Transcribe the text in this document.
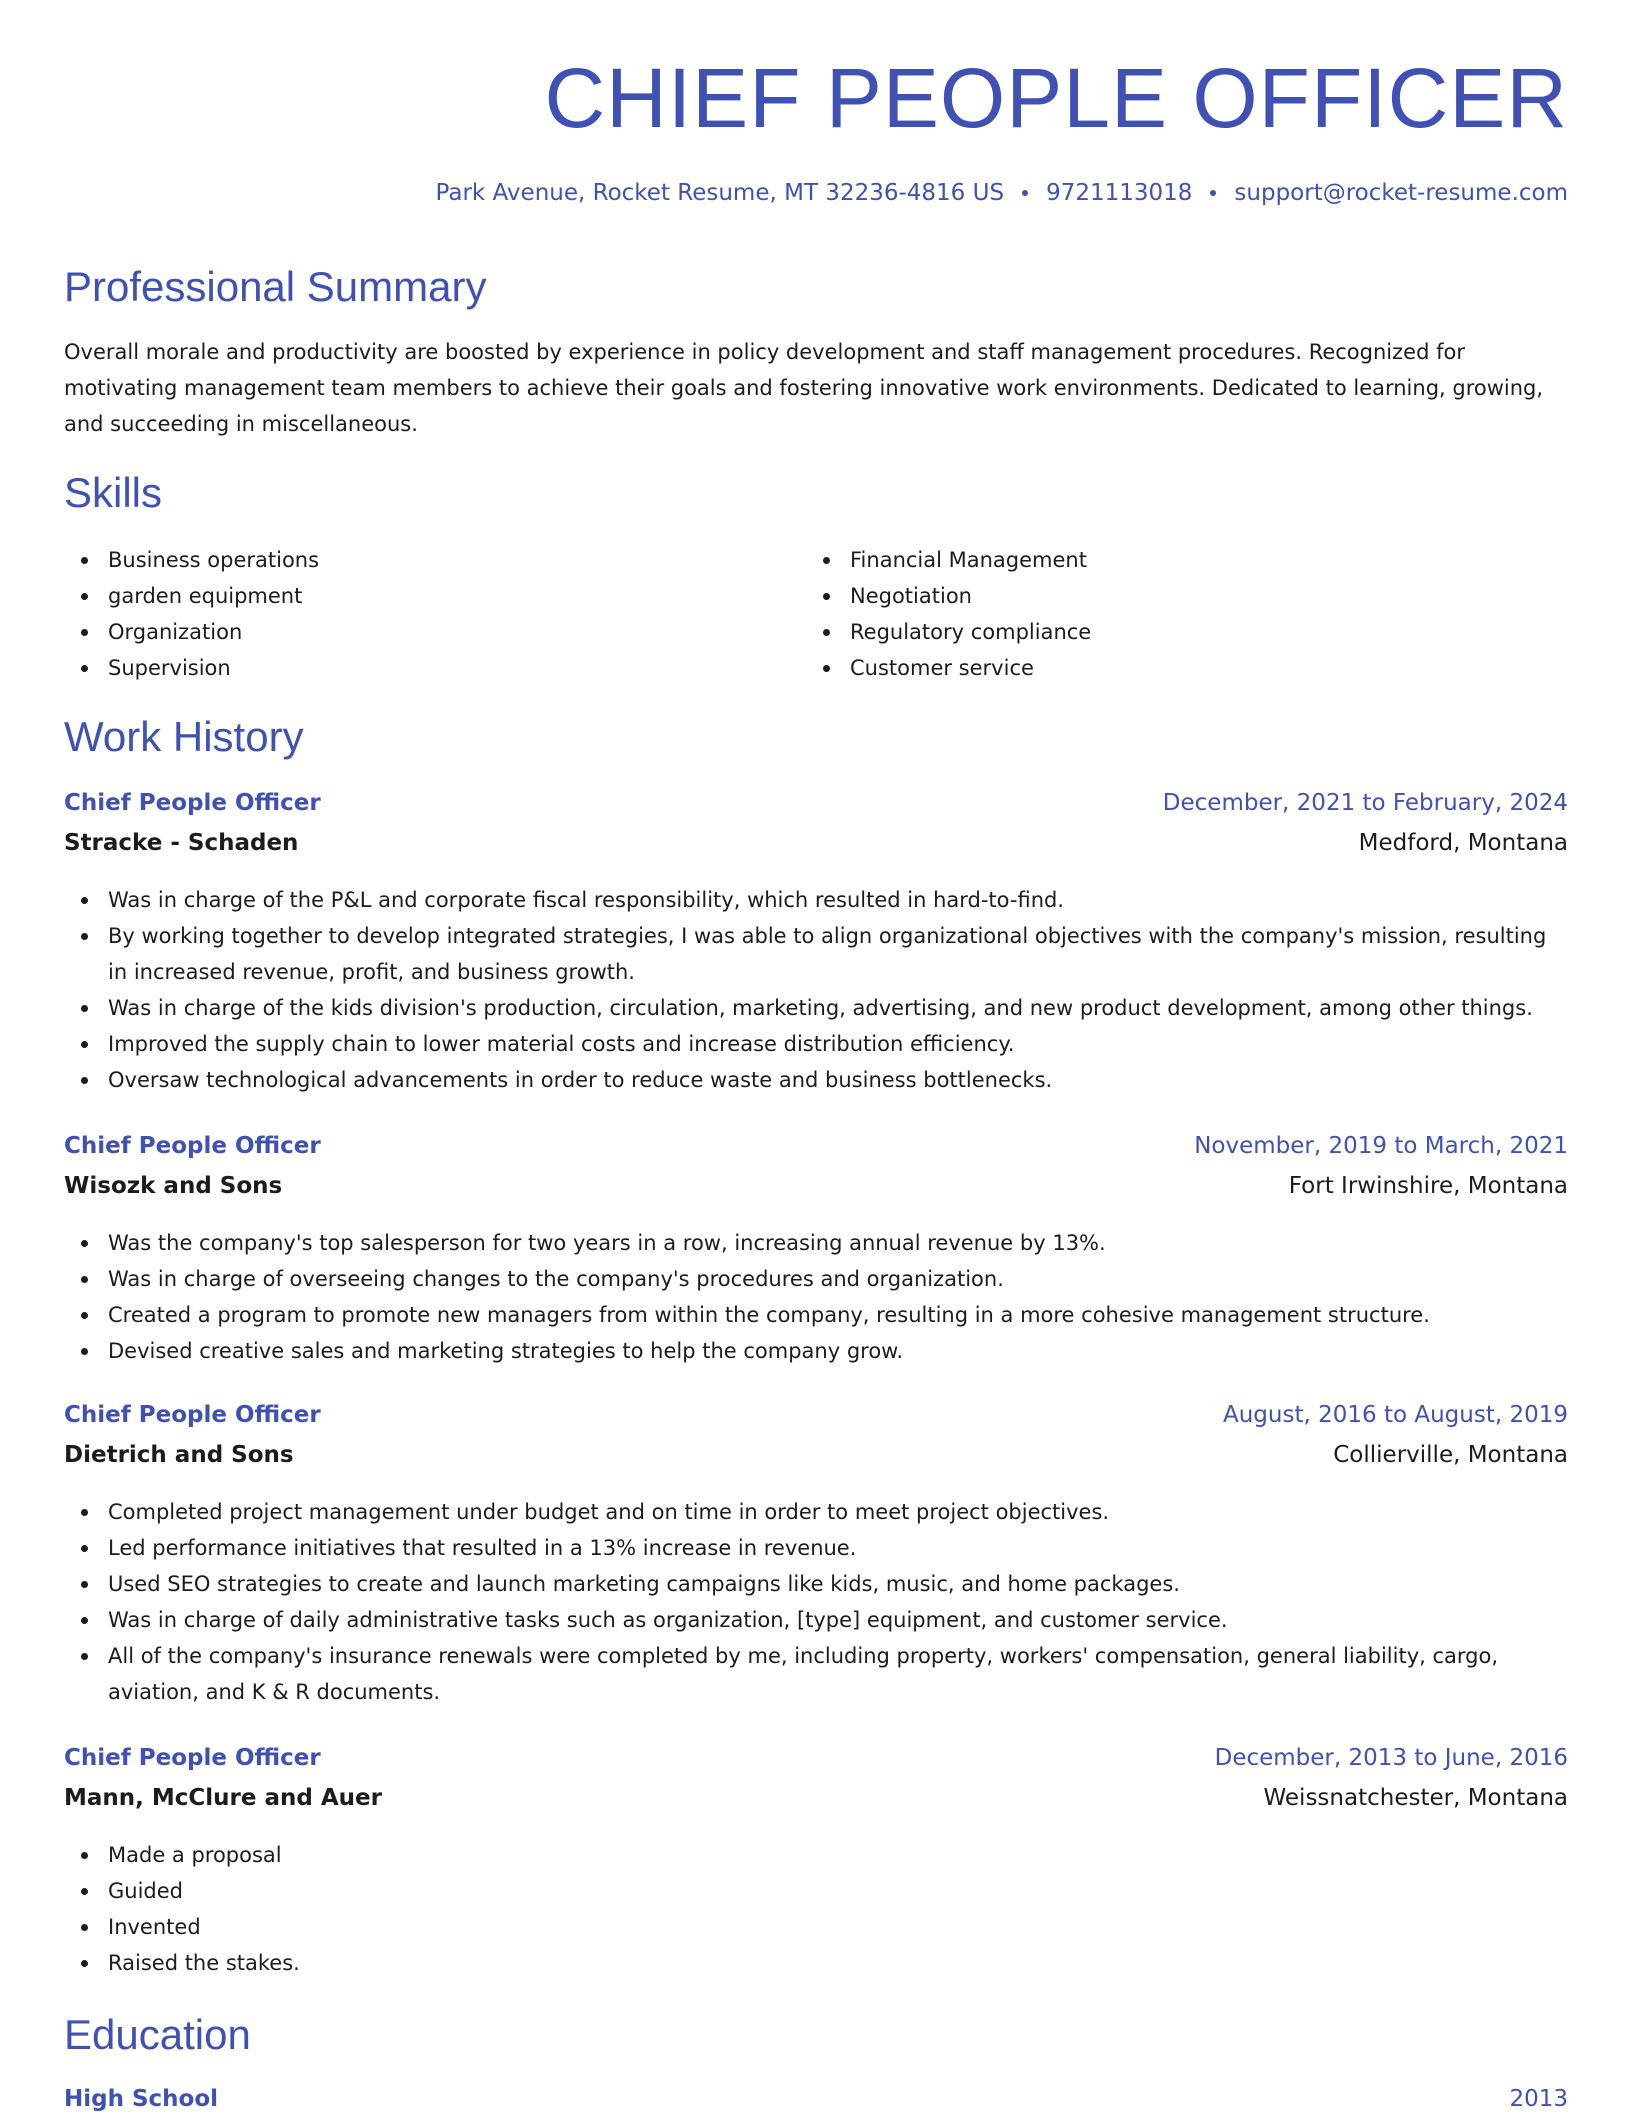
CHIEF PEOPLE OFFICER
Park Avenue, Rocket Resume, MT 32236-4816 US 9721113018 support@rocket-resume.com
Professional Summary

Overall morale and productivity are boosted by experience in policy development and staff management procedures. Recognized for motivating management team members to achieve their goals and fostering innovative work environments. Dedicated to learning, growing, and succeeding in miscellaneous.

Skills
Business operations
garden equipment
Organization
Supervision
Financial Management
Negotiation
Regulatory compliance
Customer service
Work History
Chief People Officer	December, 2021 to February, 2024
Stracke - Schaden	Medford, Montana
Was in charge of the P&L and corporate fiscal responsibility, which resulted in hard-to-find.
By working together to develop integrated strategies, I was able to align organizational objectives with the company's mission, resulting in increased revenue, profit, and business growth.
Was in charge of the kids division's production, circulation, marketing, advertising, and new product development, among other things.
Improved the supply chain to lower material costs and increase distribution efficiency.
Oversaw technological advancements in order to reduce waste and business bottlenecks.
Chief People Officer	November, 2019 to March, 2021
Wisozk and Sons	Fort Irwinshire, Montana
Was the company's top salesperson for two years in a row, increasing annual revenue by 13%.
Was in charge of overseeing changes to the company's procedures and organization.
Created a program to promote new managers from within the company, resulting in a more cohesive management structure.
Devised creative sales and marketing strategies to help the company grow.
Chief People Officer	August, 2016 to August, 2019
Dietrich and Sons	Collierville, Montana
Completed project management under budget and on time in order to meet project objectives.
Led performance initiatives that resulted in a 13% increase in revenue.
Used SEO strategies to create and launch marketing campaigns like kids, music, and home packages.
Was in charge of daily administrative tasks such as organization, [type] equipment, and customer service.
All of the company's insurance renewals were completed by me, including property, workers' compensation, general liability, cargo, aviation, and K & R documents.
Chief People Officer	December, 2013 to June, 2016
Mann, McClure and Auer	Weissnatchester, Montana
Made a proposal
Guided
Invented
Raised the stakes.
Education
High School	2013
